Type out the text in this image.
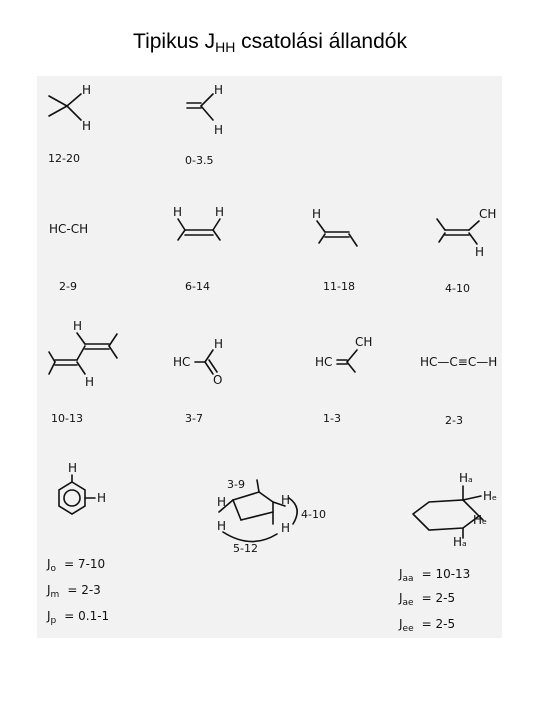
Tipikus $J_{HH}$ csatolási állandók
H
H
12-20
H
H
0-3.5
HC-CH
2-9
H	H
6-14
H
11-18
CH
H
4-10
H
H
10-13
HC
H
O
3-7
HC
CH
1-3
HC—C≡C—H
2-3
H
H
$J_o = 7-10$
$J_m = 2-3$
$J_p = 0.1-1$
3-9
H
H
H
H
4-10
5-12
Hₐ
Hₑ
Hₑ
Hₐ
$J_{aa} = 10-13$
$J_{ae} = 2-5$
$J_{ee} = 2-5$
